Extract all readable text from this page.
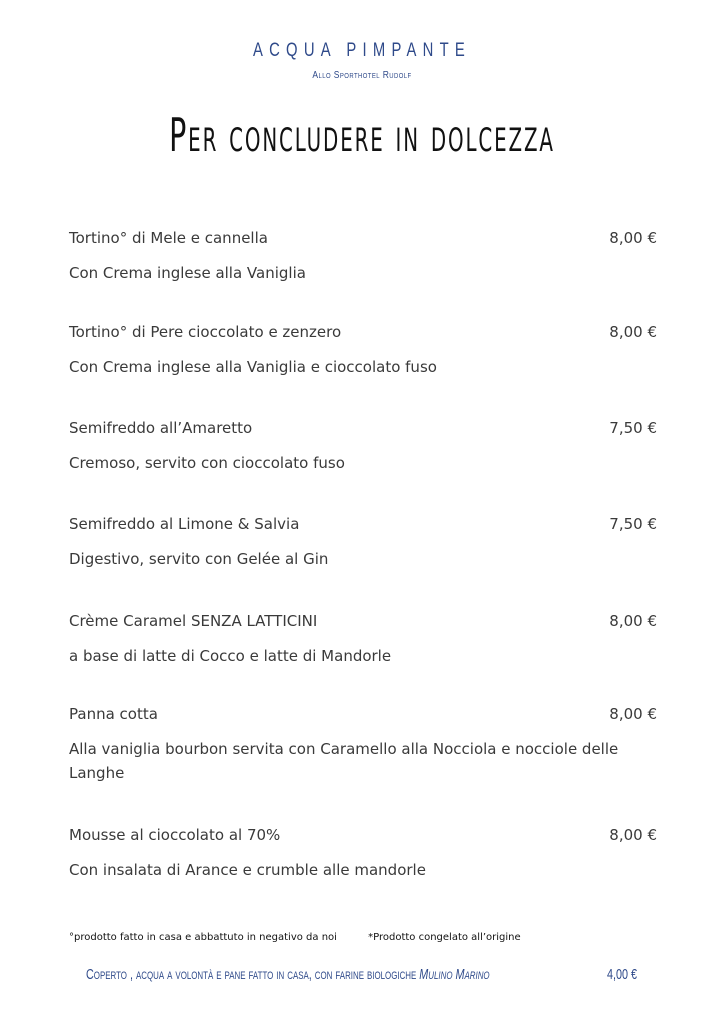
ACQUA PIMPANTE
Allo Sporthotel Rudolf
Per concludere in dolcezza
Tortino° di Mele e cannella	8,00 €
Con Crema inglese alla Vaniglia
Tortino° di Pere cioccolato e zenzero	8,00 €
Con Crema inglese alla Vaniglia e cioccolato fuso
Semifreddo all’Amaretto	7,50 €
Cremoso, servito con cioccolato fuso
Semifreddo al Limone & Salvia	7,50 €
Digestivo, servito con Gelée al Gin
Crème Caramel SENZA LATTICINI	8,00 €
a base di latte di Cocco e latte di Mandorle
Panna cotta	8,00 €
Alla vaniglia bourbon servita con Caramello alla Nocciola e nocciole delle Langhe
Mousse al cioccolato al 70%	8,00 €
Con insalata di Arance e crumble alle mandorle
°prodotto fatto in casa e abbattuto in negativo da noi	*Prodotto congelato all’origine
Coperto , acqua a volontà e pane fatto in casa, con farine biologiche Mulino Marino	4,00 €
